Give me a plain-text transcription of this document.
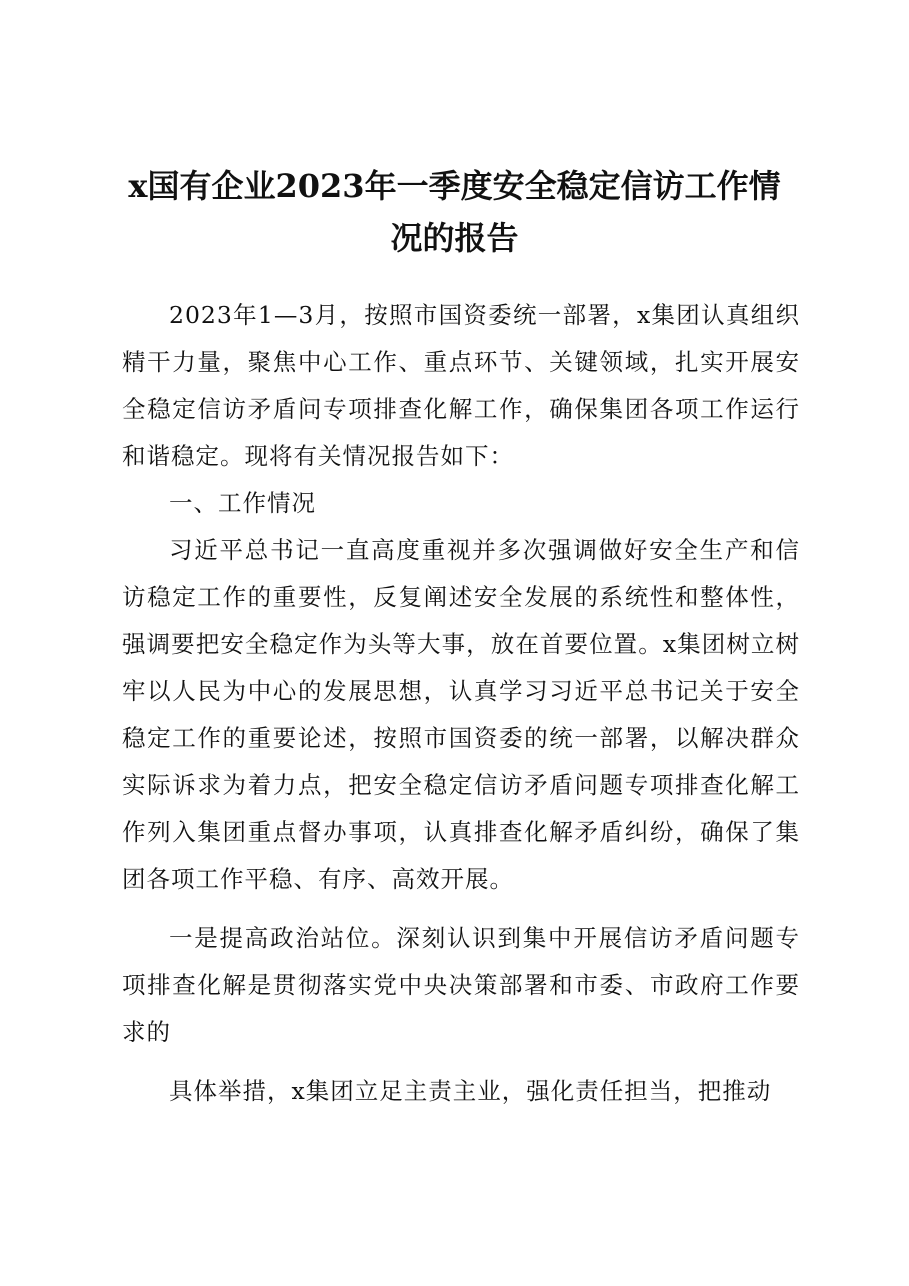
x国有企业2023年一季度安全稳定信访工作情
况的报告

2023年1—3月，按照市国资委统一部署，x集团认真组织精干力量，聚焦中心工作、重点环节、关键领域，扎实开展安全稳定信访矛盾问专项排查化解工作，确保集团各项工作运行和谐稳定。现将有关情况报告如下：

一、工作情况

习近平总书记一直高度重视并多次强调做好安全生产和信访稳定工作的重要性，反复阐述安全发展的系统性和整体性，强调要把安全稳定作为头等大事，放在首要位置。x集团树立树牢以人民为中心的发展思想，认真学习习近平总书记关于安全稳定工作的重要论述，按照市国资委的统一部署，以解决群众实际诉求为着力点，把安全稳定信访矛盾问题专项排查化解工作列入集团重点督办事项，认真排查化解矛盾纠纷，确保了集团各项工作平稳、有序、高效开展。

一是提高政治站位。深刻认识到集中开展信访矛盾问题专项排查化解是贯彻落实党中央决策部署和市委、市政府工作要求的

具体举措，x集团立足主责主业，强化责任担当，把推动
